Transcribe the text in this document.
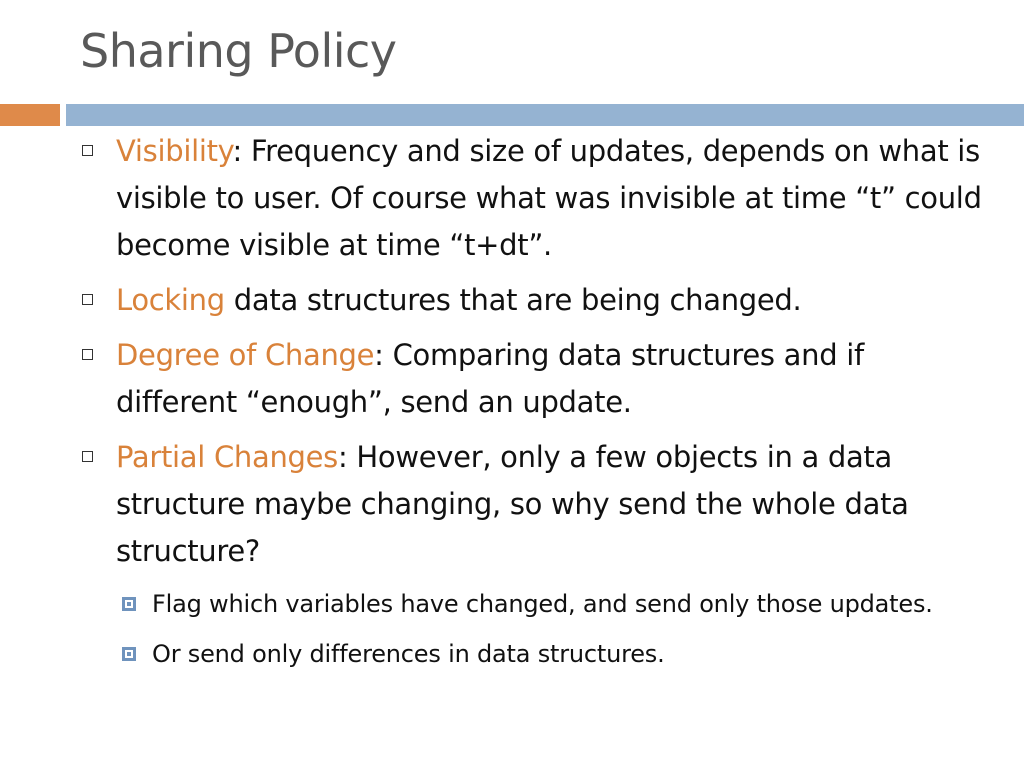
Sharing Policy
Visibility: Frequency and size of updates, depends on what is visible to user. Of course what was invisible at time “t” could become visible at time “t+dt”.
Locking data structures that are being changed.
Degree of Change: Comparing data structures and if different “enough”, send an update.
Partial Changes: However, only a few objects in a data structure maybe changing, so why send the whole data structure?
Flag which variables have changed, and send only those updates.
Or send only differences in data structures.
